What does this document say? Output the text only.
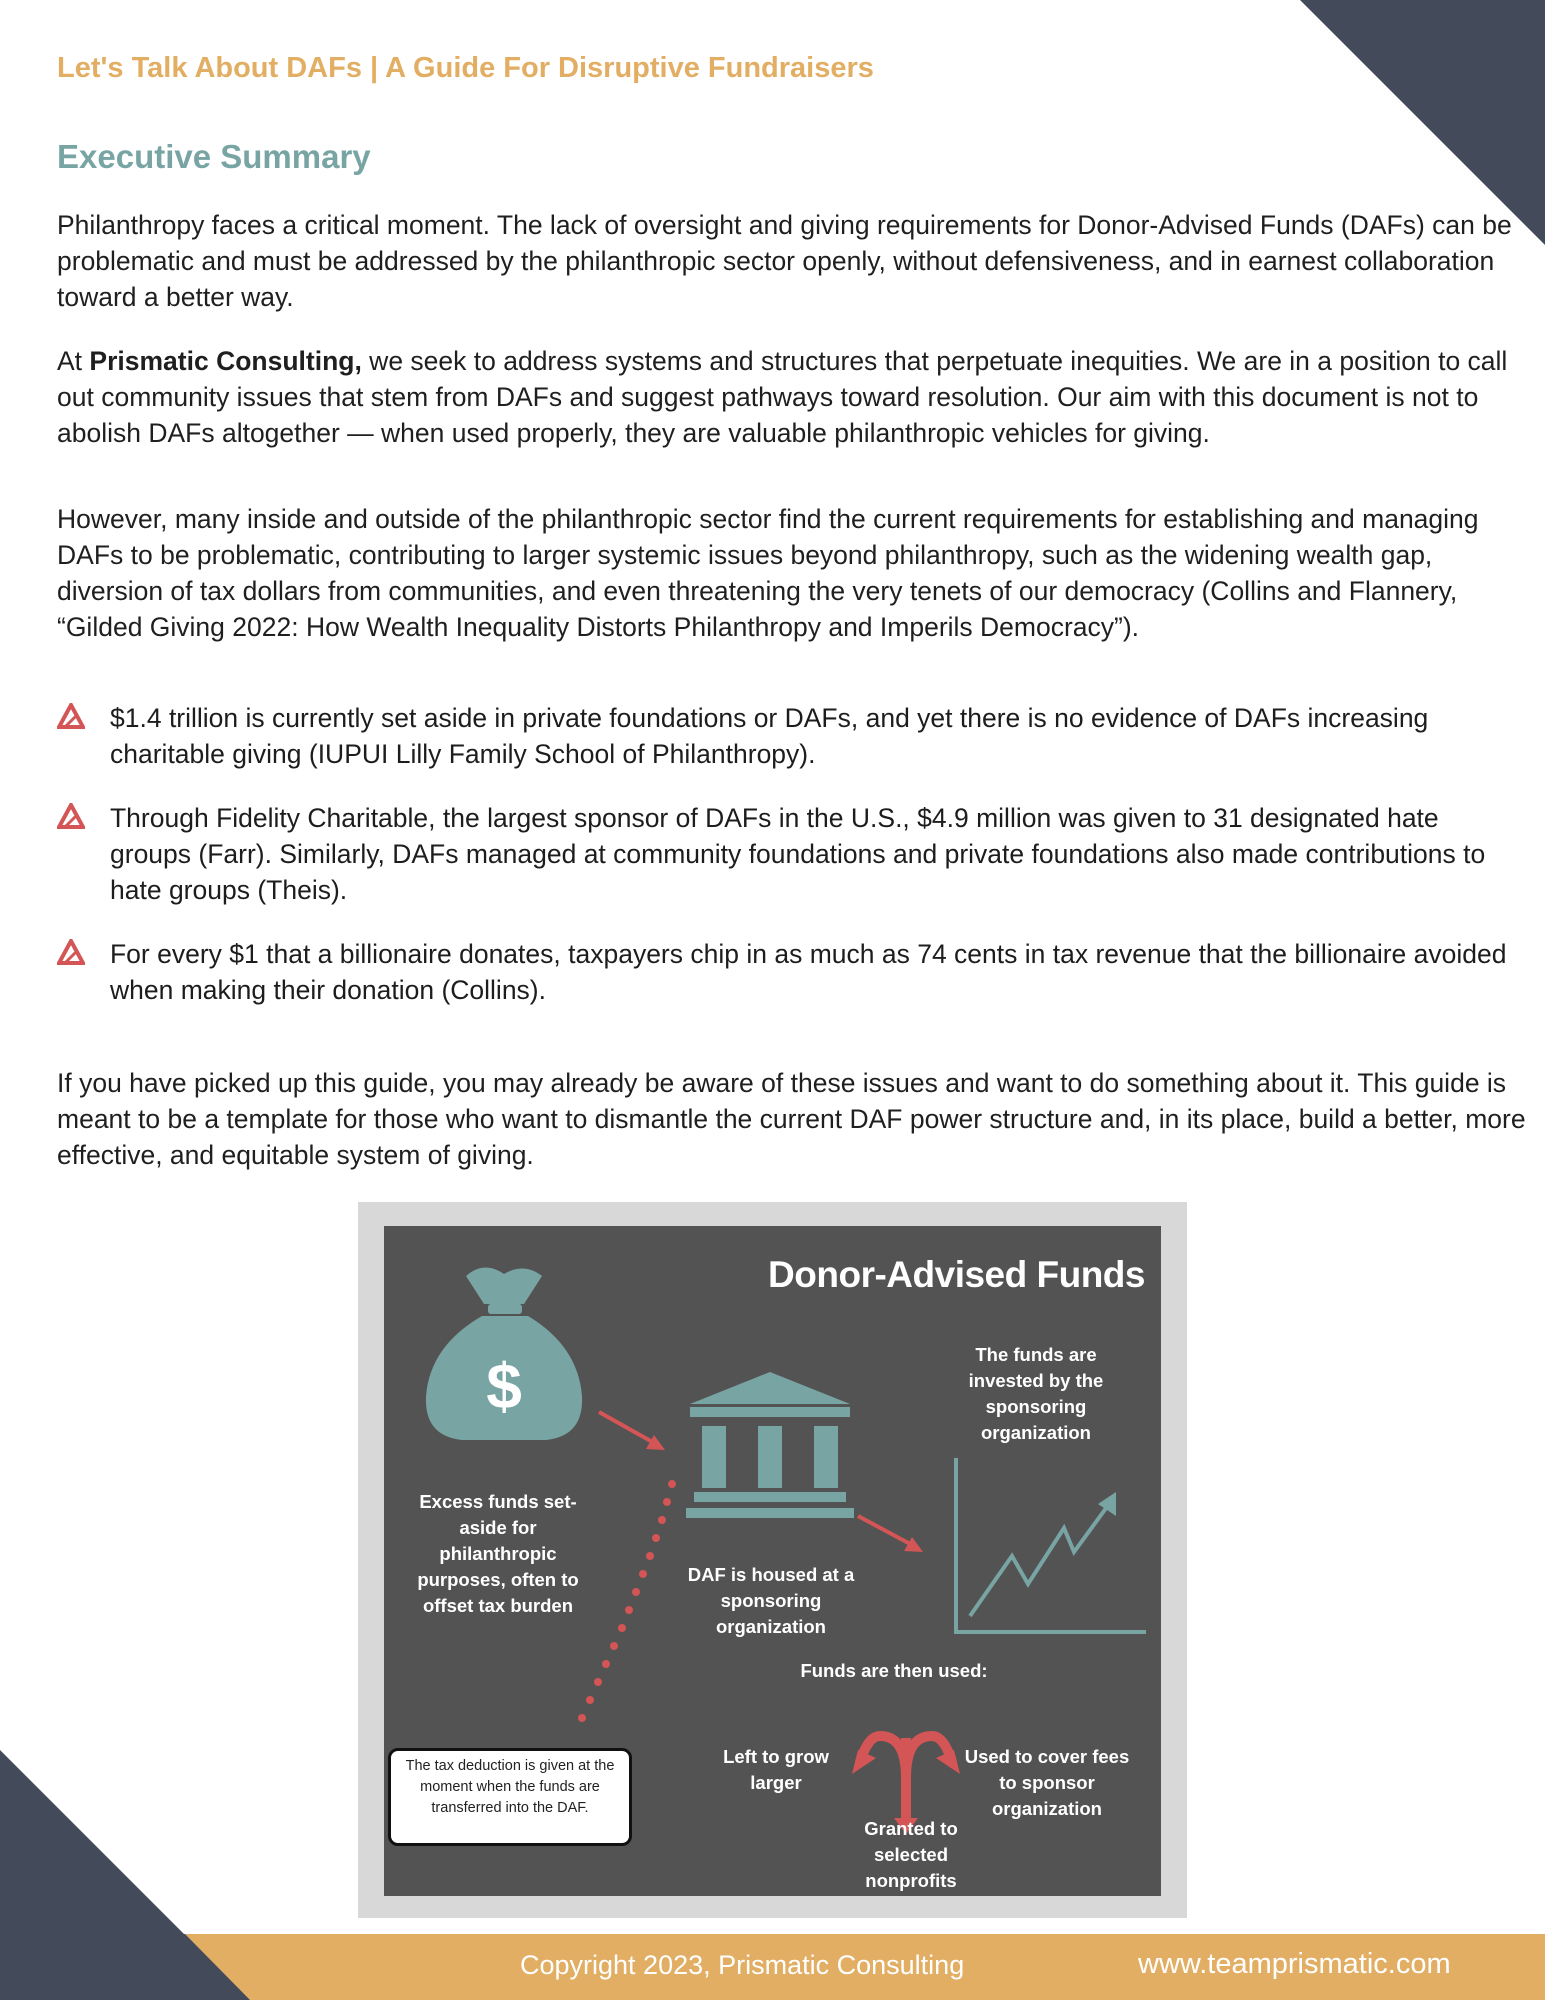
Let's Talk About DAFs | A Guide For Disruptive Fundraisers
Executive Summary

Philanthropy faces a critical moment. The lack of oversight and giving requirements for Donor-Advised Funds (DAFs) can be problematic and must be addressed by the philanthropic sector openly, without defensiveness, and in earnest collaboration toward a better way.

At Prismatic Consulting, we seek to address systems and structures that perpetuate inequities. We are in a position to call out community issues that stem from DAFs and suggest pathways toward resolution. Our aim with this document is not to abolish DAFs altogether — when used properly, they are valuable philanthropic vehicles for giving.

However, many inside and outside of the philanthropic sector find the current requirements for establishing and managing DAFs to be problematic, contributing to larger systemic issues beyond philanthropy, such as the widening wealth gap, diversion of tax dollars from communities, and even threatening the very tenets of our democracy (Collins and Flannery, “Gilded Giving 2022: How Wealth Inequality Distorts Philanthropy and Imperils Democracy”).

$1.4 trillion is currently set aside in private foundations or DAFs, and yet there is no evidence of DAFs increasing charitable giving (IUPUI Lilly Family School of Philanthropy).
Through Fidelity Charitable, the largest sponsor of DAFs in the U.S., $4.9 million was given to 31 designated hate groups (Farr). Similarly, DAFs managed at community foundations and private foundations also made contributions to hate groups (Theis).
For every $1 that a billionaire donates, taxpayers chip in as much as 74 cents in tax revenue that the billionaire avoided when making their donation (Collins).

If you have picked up this guide, you may already be aware of these issues and want to do something about it. This guide is meant to be a template for those who want to dismantle the current DAF power structure and, in its place, build a better, more effective, and equitable system of giving.

$
Donor-Advised Funds
The funds are invested by the sponsoring organization
Excess funds set-aside for philanthropic purposes, often to offset tax burden
DAF is housed at a sponsoring organization
Funds are then used:
Left to grow larger
Granted to selected nonprofits
Used to cover fees to sponsor organization
The tax deduction is given at the moment when the funds are transferred into the DAF.
Copyright 2023, Prismatic Consulting	www.teamprismatic.com
